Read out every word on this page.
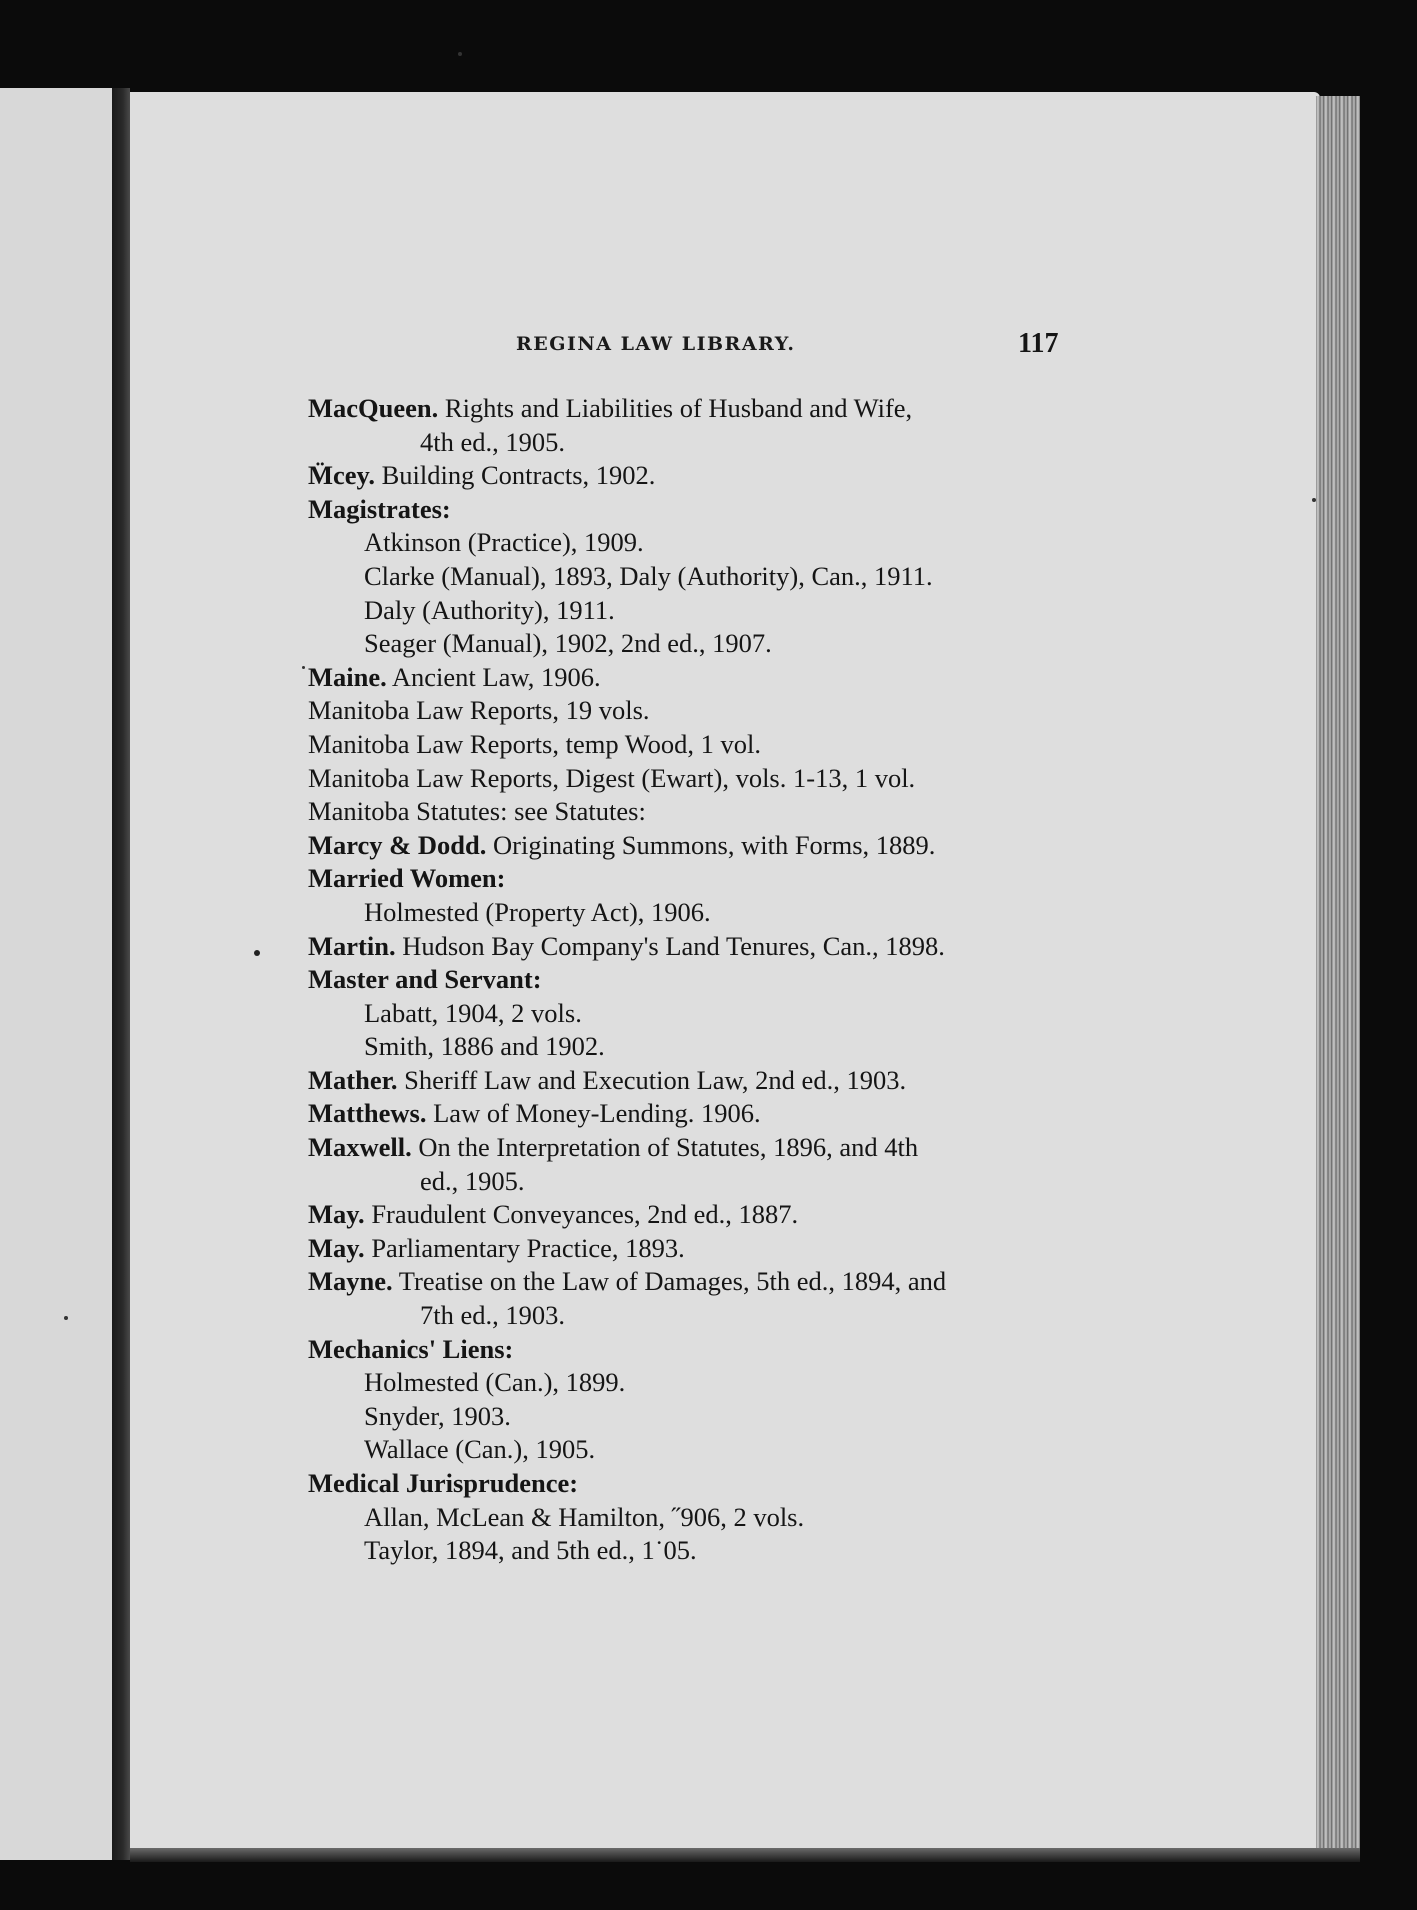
REGINA LAW LIBRARY.	117
MacQueen. Rights and Liabilities of Husband and Wife,
4th ed., 1905.
M̈cey. Building Contracts, 1902.
Magistrates:
Atkinson (Practice), 1909.
Clarke (Manual), 1893, Daly (Authority), Can., 1911.
Daly (Authority), 1911.
Seager (Manual), 1902, 2nd ed., 1907.
Maine. Ancient Law, 1906.
Manitoba Law Reports, 19 vols.
Manitoba Law Reports, temp Wood, 1 vol.
Manitoba Law Reports, Digest (Ewart), vols. 1-13, 1 vol.
Manitoba Statutes: see Statutes:
Marcy & Dodd. Originating Summons, with Forms, 1889.
Married Women:
Holmested (Property Act), 1906.
Martin. Hudson Bay Company's Land Tenures, Can., 1898.
Master and Servant:
Labatt, 1904, 2 vols.
Smith, 1886 and 1902.
Mather. Sheriff Law and Execution Law, 2nd ed., 1903.
Matthews. Law of Money-Lending. 1906.
Maxwell. On the Interpretation of Statutes, 1896, and 4th
ed., 1905.
May. Fraudulent Conveyances, 2nd ed., 1887.
May. Parliamentary Practice, 1893.
Mayne. Treatise on the Law of Damages, 5th ed., 1894, and
7th ed., 1903.
Mechanics' Liens:
Holmested (Can.), 1899.
Snyder, 1903.
Wallace (Can.), 1905.
Medical Jurisprudence:
Allan, McLean & Hamilton, ˝906, 2 vols.
Taylor, 1894, and 5th ed., 1˙05.
